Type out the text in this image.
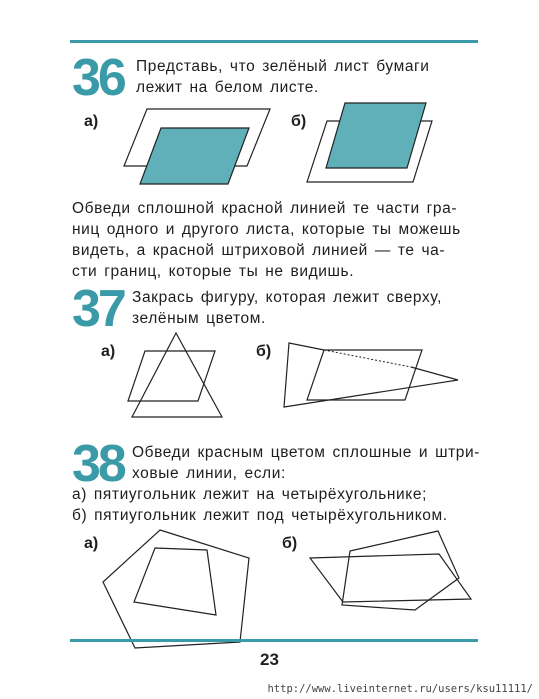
36 Представь, что зелёный лист бумаги
лежит на белом листе.
а)	б)
Обведи сплошной красной линией те части гра-
ниц одного и другого листа, которые ты можешь
видеть, а красной штриховой линией — те ча-
сти границ, которые ты не видишь.
37 Закрась фигуру, которая лежит сверху,
зелёным цветом.
а)	б)
38 Обведи красным цветом сплошные и штри-
ховые линии, если:
а) пятиугольник лежит на четырёхугольнике;
б) пятиугольник лежит под четырёхугольником.
а)	б)
23
http://www.liveinternet.ru/users/ksu11111/
